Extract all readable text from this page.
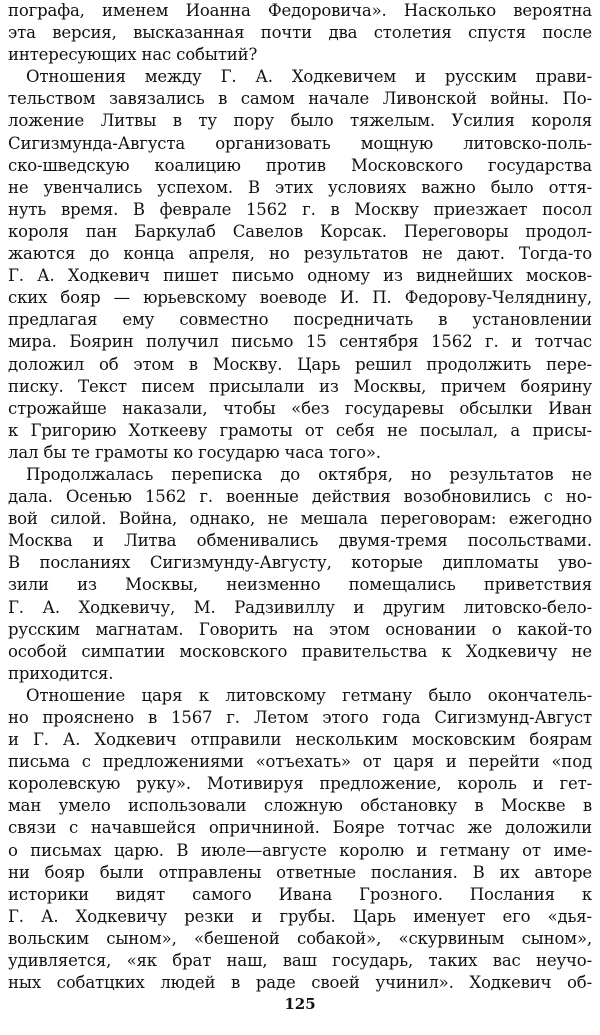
пографа, именем Иоанна Федоровича». Насколько вероятна
эта версия, высказанная почти два столетия спустя после
интересующих нас событий?
Отношения между Г. А. Ходкевичем и русским прави-
тельством завязались в самом начале Ливонской войны. По-
ложение Литвы в ту пору было тяжелым. Усилия короля
Сигизмунда-Августа организовать мощную литовско-поль-
ско-шведскую коалицию против Московского государства
не увенчались успехом. В этих условиях важно было оття-
нуть время. В феврале 1562 г. в Москву приезжает посол
короля пан Баркулаб Савелов Корсак. Переговоры продол-
жаются до конца апреля, но результатов не дают. Тогда-то
Г. А. Ходкевич пишет письмо одному из виднейших москов-
ских бояр — юрьевскому воеводе И. П. Федорову-Челяднину,
предлагая ему совместно посредничать в установлении
мира. Боярин получил письмо 15 сентября 1562 г. и тотчас
доложил об этом в Москву. Царь решил продолжить пере-
писку. Текст писем присылали из Москвы, причем боярину
строжайше наказали, чтобы «без государевы обсылки Иван
к Григорию Хоткееву грамоты от себя не посылал, а присы-
лал бы те грамоты ко государю часа того».
Продолжалась переписка до октября, но результатов не
дала. Осенью 1562 г. военные действия возобновились с но-
вой силой. Война, однако, не мешала переговорам: ежегодно
Москва и Литва обменивались двумя-тремя посольствами.
В посланиях Сигизмунду-Августу, которые дипломаты уво-
зили из Москвы, неизменно помещались приветствия
Г. А. Ходкевичу, М. Радзивиллу и другим литовско-бело-
русским магнатам. Говорить на этом основании о какой-то
особой симпатии московского правительства к Ходкевичу не
приходится.
Отношение царя к литовскому гетману было окончатель-
но прояснено в 1567 г. Летом этого года Сигизмунд-Август
и Г. А. Ходкевич отправили нескольким московским боярам
письма с предложениями «отъехать» от царя и перейти «под
королевскую руку». Мотивируя предложение, король и гет-
ман умело использовали сложную обстановку в Москве в
связи с начавшейся опричниной. Бояре тотчас же доложили
о письмах царю. В июле—августе королю и гетману от име-
ни бояр были отправлены ответные послания. В их авторе
историки видят самого Ивана Грозного. Послания к
Г. А. Ходкевичу резки и грубы. Царь именует его «дья-
вольским сыном», «бешеной собакой», «скурвиным сыном»,
удивляется, «як брат наш, ваш государь, таких вас неучо-
ных собатцких людей в раде своей учинил». Ходкевич об-
125
